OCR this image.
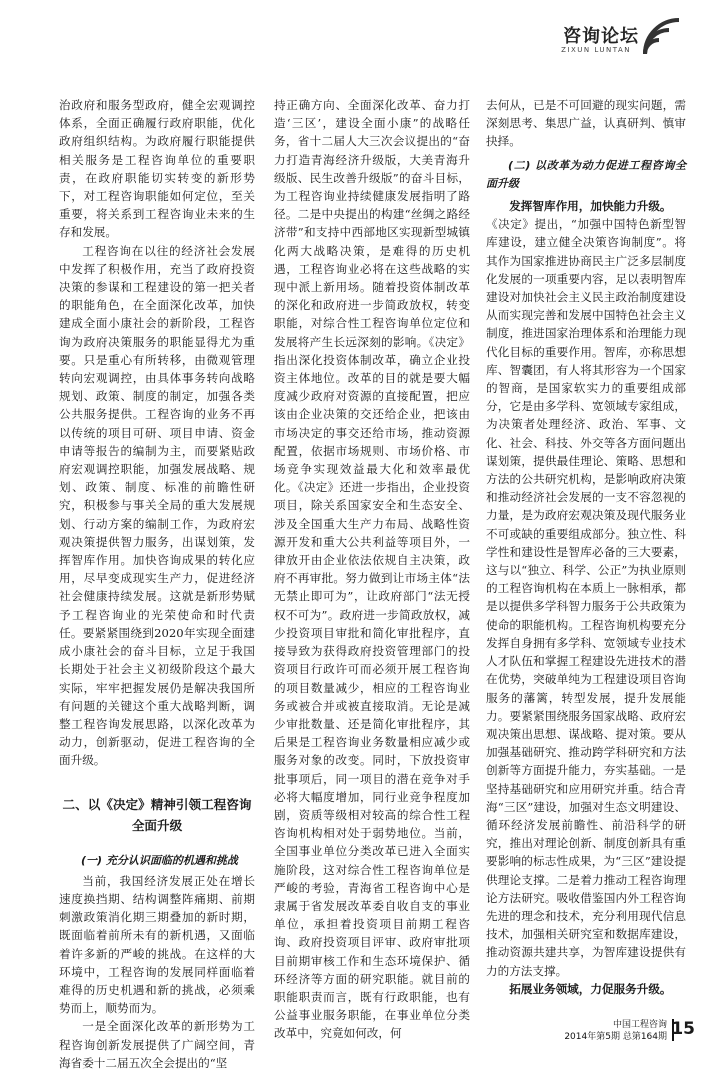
咨询论坛
ZIXUN LUNTAN

治政府和服务型政府，健全宏观调控体系，全面正确履行政府职能，优化政府组织结构。为政府履行职能提供相关服务是工程咨询单位的重要职责，在政府职能切实转变的新形势下，对工程咨询职能如何定位，至关重要，将关系到工程咨询业未来的生存和发展。

工程咨询在以往的经济社会发展中发挥了积极作用，充当了政府投资决策的参谋和工程建设的第一把关者的职能角色，在全面深化改革，加快建成全面小康社会的新阶段，工程咨询为政府决策服务的职能显得尤为重要。只是重心有所转移，由微观管理转向宏观调控，由具体事务转向战略规划、政策、制度的制定，加强各类公共服务提供。工程咨询的业务不再以传统的项目可研、项目申请、资金申请等报告的编制为主，而要紧贴政府宏观调控职能，加强发展战略、规划、政策、制度、标准的前瞻性研究，积极参与事关全局的重大发展规划、行动方案的编制工作，为政府宏观决策提供智力服务，出谋划策，发挥智库作用。加快咨询成果的转化应用，尽早变成现实生产力，促进经济社会健康持续发展。这就是新形势赋予工程咨询业的光荣使命和时代责任。要紧紧围绕到2020年实现全面建成小康社会的奋斗目标，立足于我国长期处于社会主义初级阶段这个最大实际，牢牢把握发展仍是解决我国所有问题的关键这个重大战略判断，调整工程咨询发展思路，以深化改革为动力，创新驱动，促进工程咨询的全面升级。

二、以《决定》精神引领工程咨询全面升级
(一) 充分认识面临的机遇和挑战

当前，我国经济发展正处在增长速度换挡期、结构调整阵痛期、前期刺激政策消化期三期叠加的新时期，既面临着前所未有的新机遇，又面临着许多新的严峻的挑战。在这样的大环境中，工程咨询的发展同样面临着难得的历史机遇和新的挑战，必须乘势而上，顺势而为。

一是全面深化改革的新形势为工程咨询创新发展提供了广阔空间，青海省委十二届五次全会提出的“坚

持正确方向、全面深化改革、奋力打造‘三区’，建设全面小康”的战略任务，省十二届人大三次会议提出的“奋力打造青海经济升级版，大美青海升级版、民生改善升级版”的奋斗目标，为工程咨询业持续健康发展指明了路径。二是中央提出的构建“丝绸之路经济带”和支持中西部地区实现新型城镇化两大战略决策，是难得的历史机遇，工程咨询业必将在这些战略的实现中派上新用场。随着投资体制改革的深化和政府进一步简政放权，转变职能，对综合性工程咨询单位定位和发展将产生长远深刻的影响。《决定》指出深化投资体制改革，确立企业投资主体地位。改革的目的就是要大幅度减少政府对资源的直接配置，把应该由企业决策的交还给企业，把该由市场决定的事交还给市场，推动资源配置，依据市场规则、市场价格、市场竞争实现效益最大化和效率最优化。《决定》还进一步指出，企业投资项目，除关系国家安全和生态安全、涉及全国重大生产力布局、战略性资源开发和重大公共利益等项目外，一律放开由企业依法依规自主决策，政府不再审批。努力做到让市场主体“法无禁止即可为”，让政府部门“法无授权不可为”。政府进一步简政放权，减少投资项目审批和简化审批程序，直接导致为获得政府投资管理部门的投资项目行政许可而必须开展工程咨询的项目数量减少，相应的工程咨询业务或被合并或被直接取消。无论是减少审批数量、还是简化审批程序，其后果是工程咨询业务数量相应减少或服务对象的改变。同时，下放投资审批事项后，同一项目的潜在竞争对手必将大幅度增加，同行业竞争程度加剧，资质等级相对较高的综合性工程咨询机构相对处于弱势地位。当前，全国事业单位分类改革已进入全面实施阶段，这对综合性工程咨询单位是严峻的考验，青海省工程咨询中心是隶属于省发展改革委自收自支的事业单位，承担着投资项目前期工程咨询、政府投资项目评审、政府审批项目前期审核工作和生态环境保护、循环经济等方面的研究职能。就目前的职能职责而言，既有行政职能，也有公益事业服务职能，在事业单位分类改革中，究竟如何改，何

去何从，已是不可回避的现实问题，需深刻思考、集思广益，认真研判、慎审抉择。

(二) 以改革为动力促进工程咨询全面升级

发挥智库作用，加快能力升级。

《决定》提出，“加强中国特色新型智库建设，建立健全决策咨询制度”。将其作为国家推进协商民主广泛多层制度化发展的一项重要内容，足以表明智库建设对加快社会主义民主政治制度建设从而实现完善和发展中国特色社会主义制度，推进国家治理体系和治理能力现代化目标的重要作用。智库，亦称思想库、智囊团，有人将其形容为一个国家的智商，是国家软实力的重要组成部分，它是由多学科、宽领域专家组成，为决策者处理经济、政治、军事、文化、社会、科技、外交等各方面问题出谋划策，提供最佳理论、策略、思想和方法的公共研究机构，是影响政府决策和推动经济社会发展的一支不容忽视的力量，是为政府宏观决策及现代服务业不可或缺的重要组成部分。独立性、科学性和建设性是智库必备的三大要素，这与以“独立、科学、公正”为执业原则的工程咨询机构在本质上一脉相承，都是以提供多学科智力服务于公共政策为使命的职能机构。工程咨询机构要充分发挥自身拥有多学科、宽领域专业技术人才队伍和掌握工程建设先进技术的潜在优势，突破单纯为工程建设项目咨询服务的藩篱，转型发展，提升发展能力。要紧紧围绕服务国家战略、政府宏观决策出思想、谋战略、提对策。要从加强基础研究、推动跨学科研究和方法创新等方面提升能力，夯实基础。一是坚持基础研究和应用研究并重。结合青海“三区”建设，加强对生态文明建设、循环经济发展前瞻性、前沿科学的研究，推出对理论创新、制度创新具有重要影响的标志性成果，为“三区”建设提供理论支撑。二是着力推动工程咨询理论方法研究。吸收借鉴国内外工程咨询先进的理念和技术，充分利用现代信息技术，加强相关研究室和数据库建设，推动资源共建共享，为智库建设提供有力的方法支撑。

拓展业务领域，力促服务升级。

中国工程咨询
2014年第5期 总第164期 15
